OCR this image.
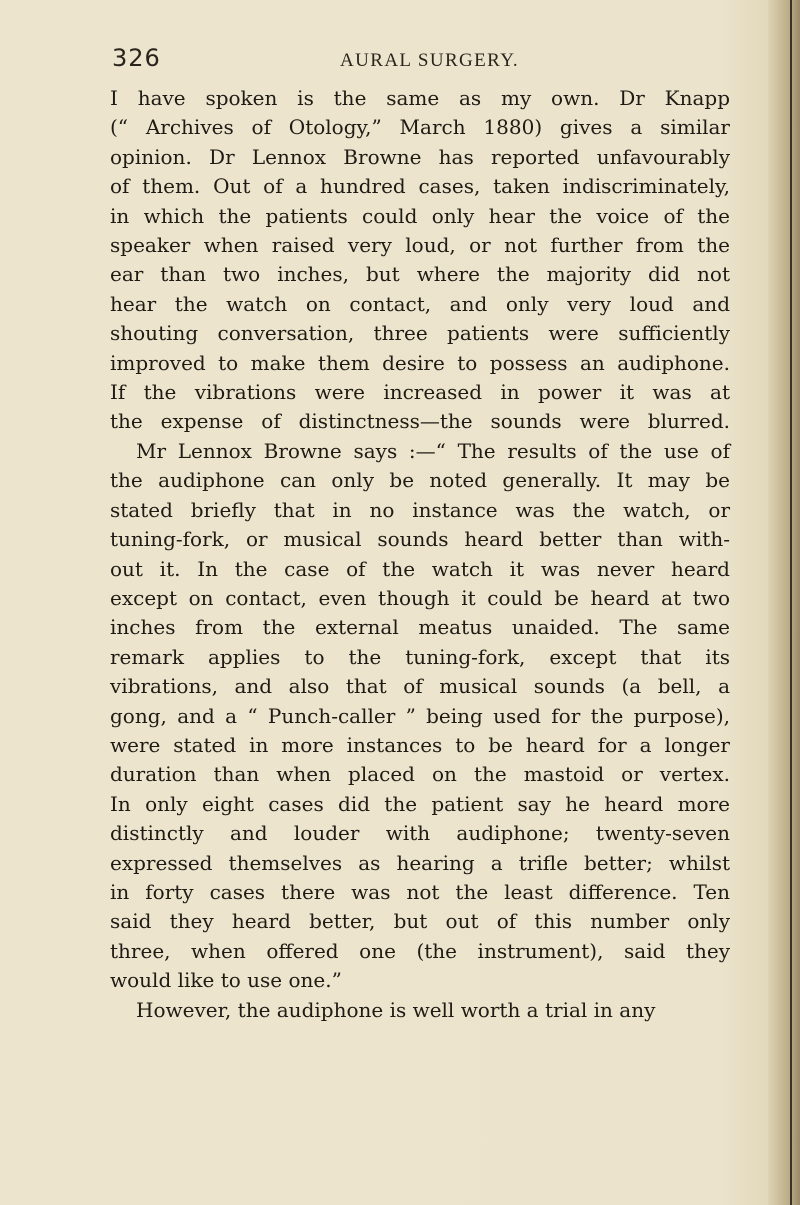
326	AURAL SURGERY.
I have spoken is the same as my own. Dr Knapp
(“ Archives of Otology,” March 1880) gives a similar
opinion. Dr Lennox Browne has reported unfavourably
of them. Out of a hundred cases, taken indiscriminately,
in which the patients could only hear the voice of the
speaker when raised very loud, or not further from the
ear than two inches, but where the majority did not
hear the watch on contact, and only very loud and
shouting conversation, three patients were sufficiently
improved to make them desire to possess an audiphone.
If the vibrations were increased in power it was at
the expense of distinctness—the sounds were blurred.
Mr Lennox Browne says :—“ The results of the use of
the audiphone can only be noted generally. It may be
stated briefly that in no instance was the watch, or
tuning-fork, or musical sounds heard better than with-
out it. In the case of the watch it was never heard
except on contact, even though it could be heard at two
inches from the external meatus unaided. The same
remark applies to the tuning-fork, except that its
vibrations, and also that of musical sounds (a bell, a
gong, and a “ Punch-caller ” being used for the purpose),
were stated in more instances to be heard for a longer
duration than when placed on the mastoid or vertex.
In only eight cases did the patient say he heard more
distinctly and louder with audiphone; twenty-seven
expressed themselves as hearing a trifle better; whilst
in forty cases there was not the least difference. Ten
said they heard better, but out of this number only
three, when offered one (the instrument), said they
would like to use one.”
However, the audiphone is well worth a trial in any
